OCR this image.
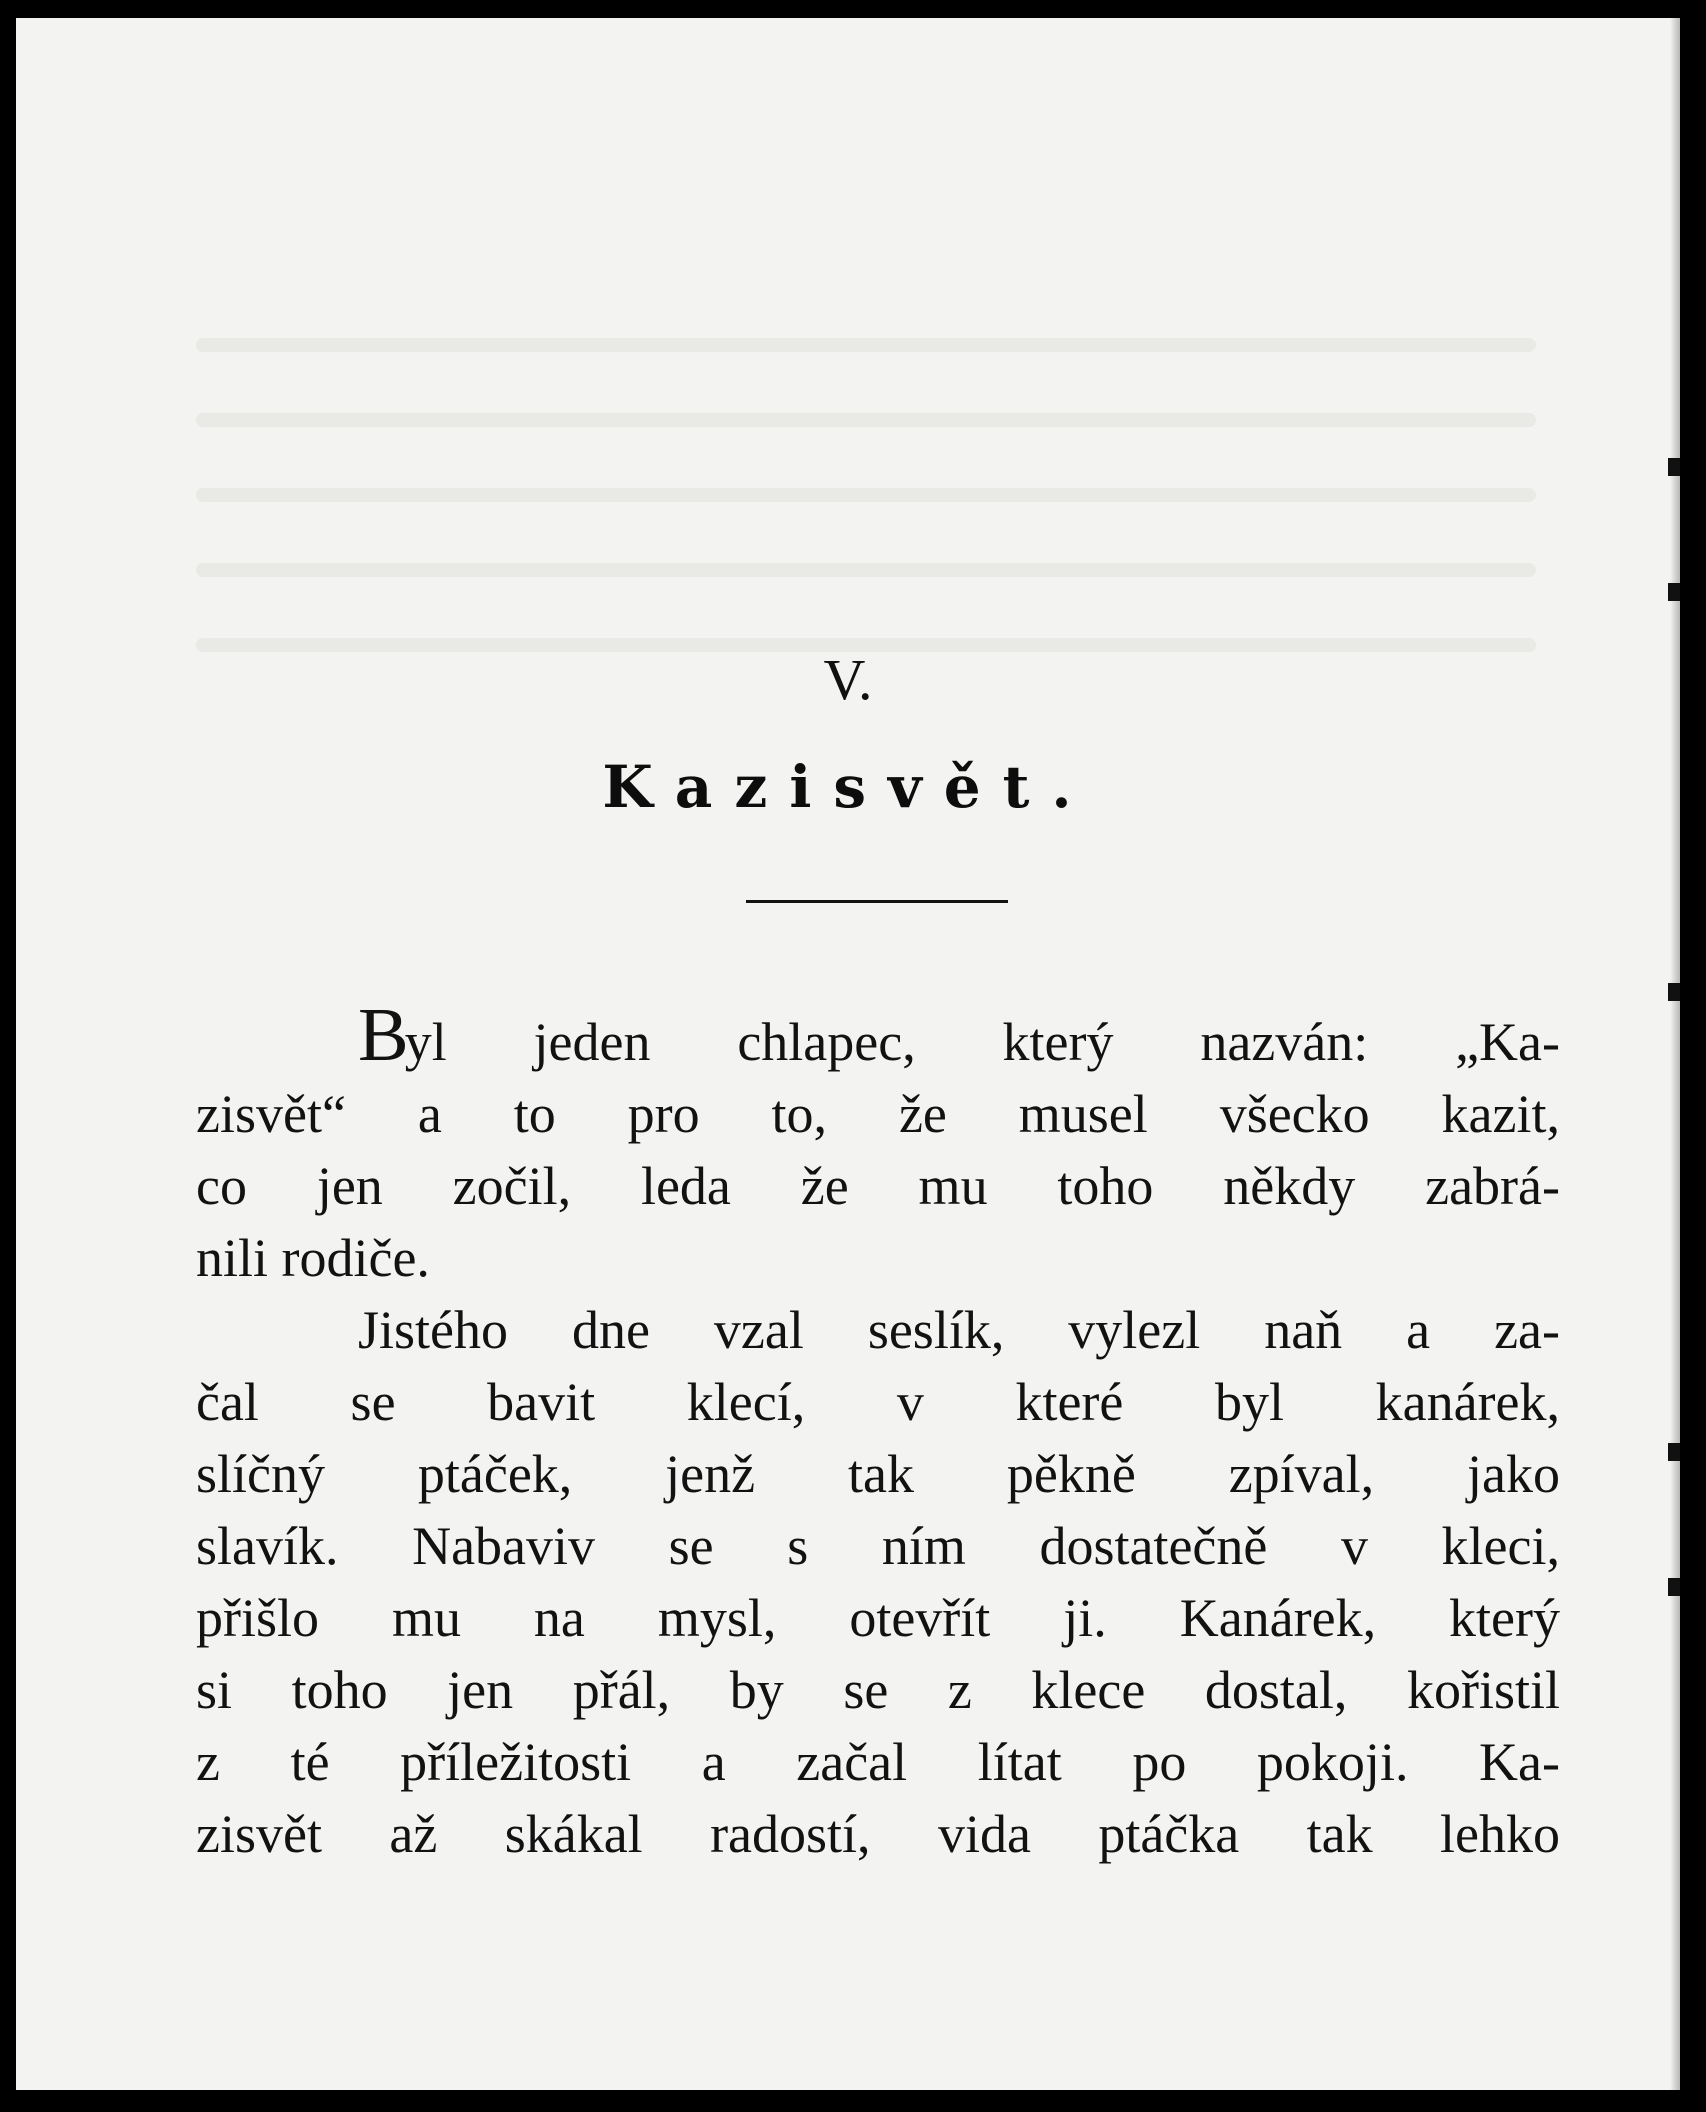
V.
Kazisvět.
Byl jeden chlapec, který nazván: „Ka-
zisvět“ a to pro to, že musel všecko kazit,
co jen zočil, leda že mu toho někdy zabrá-
nili rodiče.
Jistého dne vzal seslík, vylezl naň a za-
čal se bavit klecí, v které byl kanárek,
slíčný ptáček, jenž tak pěkně zpíval, jako
slavík. Nabaviv se s ním dostatečně v kleci,
přišlo mu na mysl, otevřít ji. Kanárek, který
si toho jen přál, by se z klece dostal, kořistil
z té příležitosti a začal lítat po pokoji. Ka-
zisvět až skákal radostí, vida ptáčka tak lehko
